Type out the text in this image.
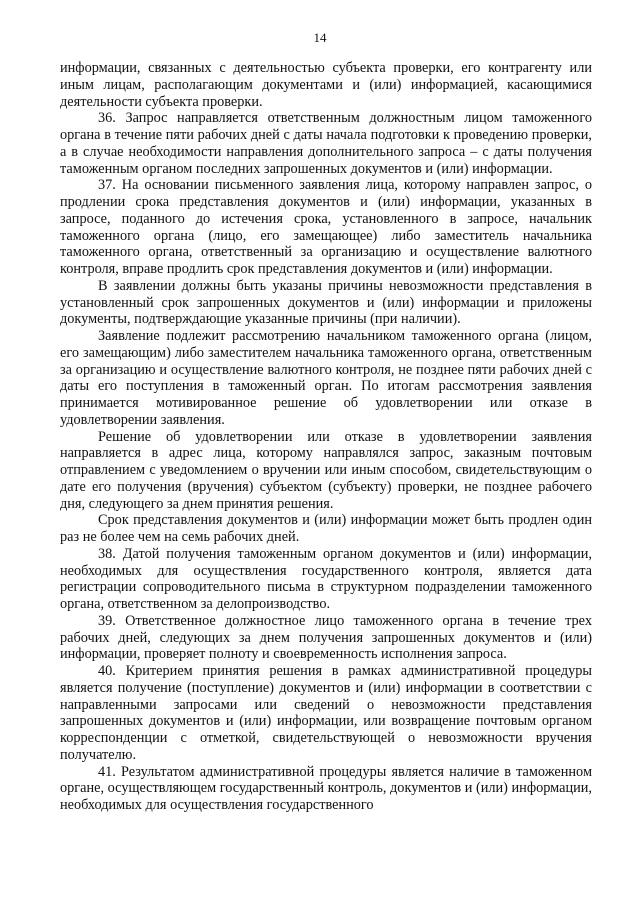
14

информации, связанных с деятельностью субъекта проверки, его контрагенту или иным лицам, располагающим документами и (или) информацией, касающимися деятельности субъекта проверки.

36. Запрос направляется ответственным должностным лицом таможенного органа в течение пяти рабочих дней с даты начала подготовки к проведению проверки, а в случае необходимости направления дополнительного запроса – с даты получения таможенным органом последних запрошенных документов и (или) информации.

37. На основании письменного заявления лица, которому направлен запрос, о продлении срока представления документов и (или) информации, указанных в запросе, поданного до истечения срока, установленного в запросе, начальник таможенного органа (лицо, его замещающее) либо заместитель начальника таможенного органа, ответственный за организацию и осуществление валютного контроля, вправе продлить срок представления документов и (или) информации.

В заявлении должны быть указаны причины невозможности представления в установленный срок запрошенных документов и (или) информации и приложены документы, подтверждающие указанные причины (при наличии).

Заявление подлежит рассмотрению начальником таможенного органа (лицом, его замещающим) либо заместителем начальника таможенного органа, ответственным за организацию и осуществление валютного контроля, не позднее пяти рабочих дней с даты его поступления в таможенный орган. По итогам рассмотрения заявления принимается мотивированное решение об удовлетворении или отказе в удовлетворении заявления.

Решение об удовлетворении или отказе в удовлетворении заявления направляется в адрес лица, которому направлялся запрос, заказным почтовым отправлением с уведомлением о вручении или иным способом, свидетельствующим о дате его получения (вручения) субъектом (субъекту) проверки, не позднее рабочего дня, следующего за днем принятия решения.

Срок представления документов и (или) информации может быть продлен один раз не более чем на семь рабочих дней.

38. Датой получения таможенным органом документов и (или) информации, необходимых для осуществления государственного контроля, является дата регистрации сопроводительного письма в структурном подразделении таможенного органа, ответственном за делопроизводство.

39. Ответственное должностное лицо таможенного органа в течение трех рабочих дней, следующих за днем получения запрошенных документов и (или) информации, проверяет полноту и своевременность исполнения запроса.

40. Критерием принятия решения в рамках административной процедуры является получение (поступление) документов и (или) информации в соответствии с направленными запросами или сведений о невозможности представления запрошенных документов и (или) информации, или возвращение почтовым органом корреспонденции с отметкой, свидетельствующей о невозможности вручения получателю.

41. Результатом административной процедуры является наличие в таможенном органе, осуществляющем государственный контроль, документов и (или) информации, необходимых для осуществления государственного
